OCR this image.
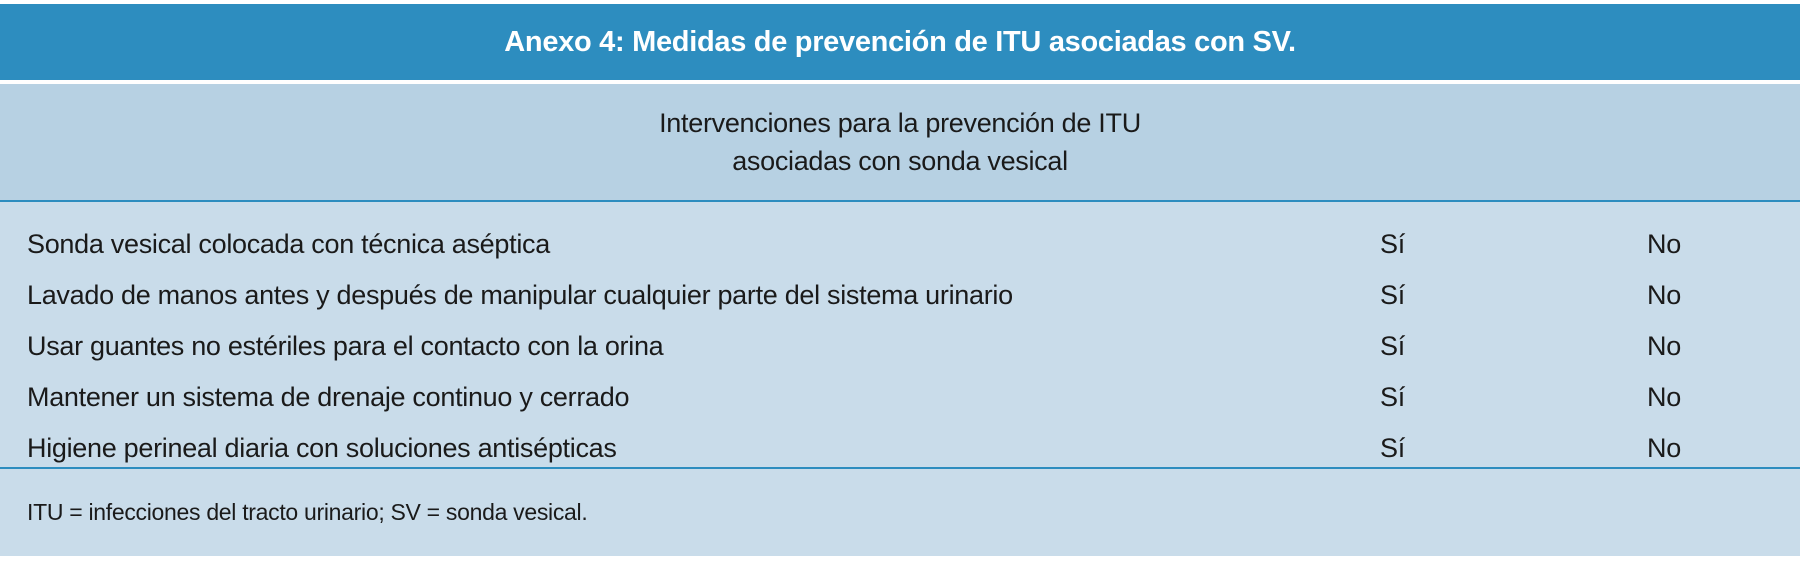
Anexo 4: Medidas de prevención de ITU asociadas con SV.
Intervenciones para la prevención de ITU
asociadas con sonda vesical
Sonda vesical colocada con técnica aséptica	Sí	No
Lavado de manos antes y después de manipular cualquier parte del sistema urinario	Sí	No
Usar guantes no estériles para el contacto con la orina	Sí	No
Mantener un sistema de drenaje continuo y cerrado	Sí	No
Higiene perineal diaria con soluciones antisépticas	Sí	No
ITU = infecciones del tracto urinario; SV = sonda vesical.
